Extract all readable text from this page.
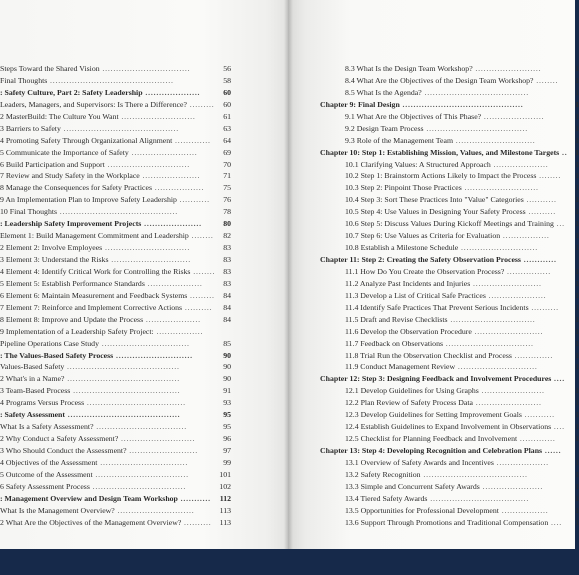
Steps Toward the Shared Vision ................................	56
Final Thoughts .............................................	58
: Safety Culture, Part 2: Safety Leadership ....................	60
Leaders, Managers, and Supervisors: Is There a Difference? ......... 60
2 MasterBuild: The Culture You Want ...........................	61
3 Barriers to Safety ..........................................	63
4 Promoting Safety Through Organizational Alignment ............. 64
5 Communicate the Importance of Safety ........................	69
6 Build Participation and Support ..............................	70
7 Review and Study Safety in the Workplace .....................	71
8 Manage the Consequences for Safety Practices .................. 75
9 An Implementation Plan to Improve Safety Leadership ........... 76
10 Final Thoughts ...........................................	78
: Leadership Safety Improvement Projects .....................	80
Element 1: Build Management Commitment and Leadership ........ 82
2 Element 2: Involve Employees ...............................	83
3 Element 3: Understand the Risks .............................	83
4 Element 4: Identify Critical Work for Controlling the Risks ........ 83
5 Element 5: Establish Performance Standards ....................	83
6 Element 6: Maintain Measurement and Feedback Systems ......... 84
7 Element 7: Reinforce and Implement Corrective Actions .......... 84
8 Element 8: Improve and Update the Process ....................	84
9 Implementation of a Leadership Safety Project: .................
Pipeline Operations Case Study ................................	85
: The Values-Based Safety Process ............................	90
Values-Based Safety .........................................	90
2 What's in a Name? .........................................	90
3 Team-Based Process .......................................	91
4 Programs Versus Process ....................................	93
: Safety Assessment .........................................	95
What Is a Safety Assessment? .................................	95
2 Why Conduct a Safety Assessment? ...........................	96
3 Who Should Conduct the Assessment? .........................	97
4 Objectives of the Assessment ................................	99
5 Outcome of the Assessment ..................................	101
6 Safety Assessment Process ..................................	102
: Management Overview and Design Team Workshop ........... 112
What Is the Management Overview? ............................	113
2 What Are the Objectives of the Management Overview? .......... 113
8.3 What Is the Design Team Workshop? ........................	1
8.4 What Are the Objectives of the Design Team Workshop? ........ 1
8.5 What Is the Agenda? ......................................	1
Chapter 9: Final Design ............................................	1
9.1 What Are the Objectives of This Phase? ......................	1
9.2 Design Team Process .....................................	1
9.3 Role of the Management Team .............................	1
Chapter 10: Step 1: Establishing Mission, Values, and Milestone Targets .. 1
10.1 Clarifying Values: A Structured Approach ....................	1
10.2 Step 1: Brainstorm Actions Likely to Impact the Process ........ 1
10.3 Step 2: Pinpoint Those Practices ...........................	1
10.4 Step 3: Sort These Practices Into "Value" Categories ........... 1
10.5 Step 4: Use Values in Designing Your Safety Process .......... 1
10.6 Step 5: Discuss Values During Kickoff Meetings and Training ... 1
10.7 Step 6: Use Values as Criteria for Evaluation .................	1
10.8 Establish a Milestone Schedule ............................	1
Chapter 11: Step 2: Creating the Safety Observation Process ............
11.1 How Do You Create the Observation Process? ................	1
11.2 Analyze Past Incidents and Injuries .........................	1
11.3 Develop a List of Critical Safe Practices .....................	1
11.4 Identify Safe Practices That Prevent Serious Incidents .......... 1
11.5 Draft and Revise Checklists ...............................	1
11.6 Develop the Observation Procedure .........................	1
11.7 Feedback on Observations ................................	1
11.8 Trial Run the Observation Checklist and Process ..............	1
11.9 Conduct Management Review .............................	1
Chapter 12: Step 3: Designing Feedback and Involvement Procedures ....
12.1 Develop Guidelines for Using Graphs .......................	1
12.2 Plan Review of Safety Process Data ........................	1
12.3 Develop Guidelines for Setting Improvement Goals ...........	1
12.4 Establish Guidelines to Expand Involvement in Observations .... 1
12.5 Checklist for Planning Feedback and Involvement ............. 1
Chapter 13: Step 4: Developing Recognition and Celebration Plans ......
13.1 Overview of Safety Awards and Incentives ...................	1
13.2 Safety Recognition ......................................	1
13.3 Simple and Concurrent Safety Awards ......................	1
13.4 Tiered Safety Awards ....................................	1
13.5 Opportunities for Professional Development .................	1
13.6 Support Through Promotions and Traditional Compensation .... 1
